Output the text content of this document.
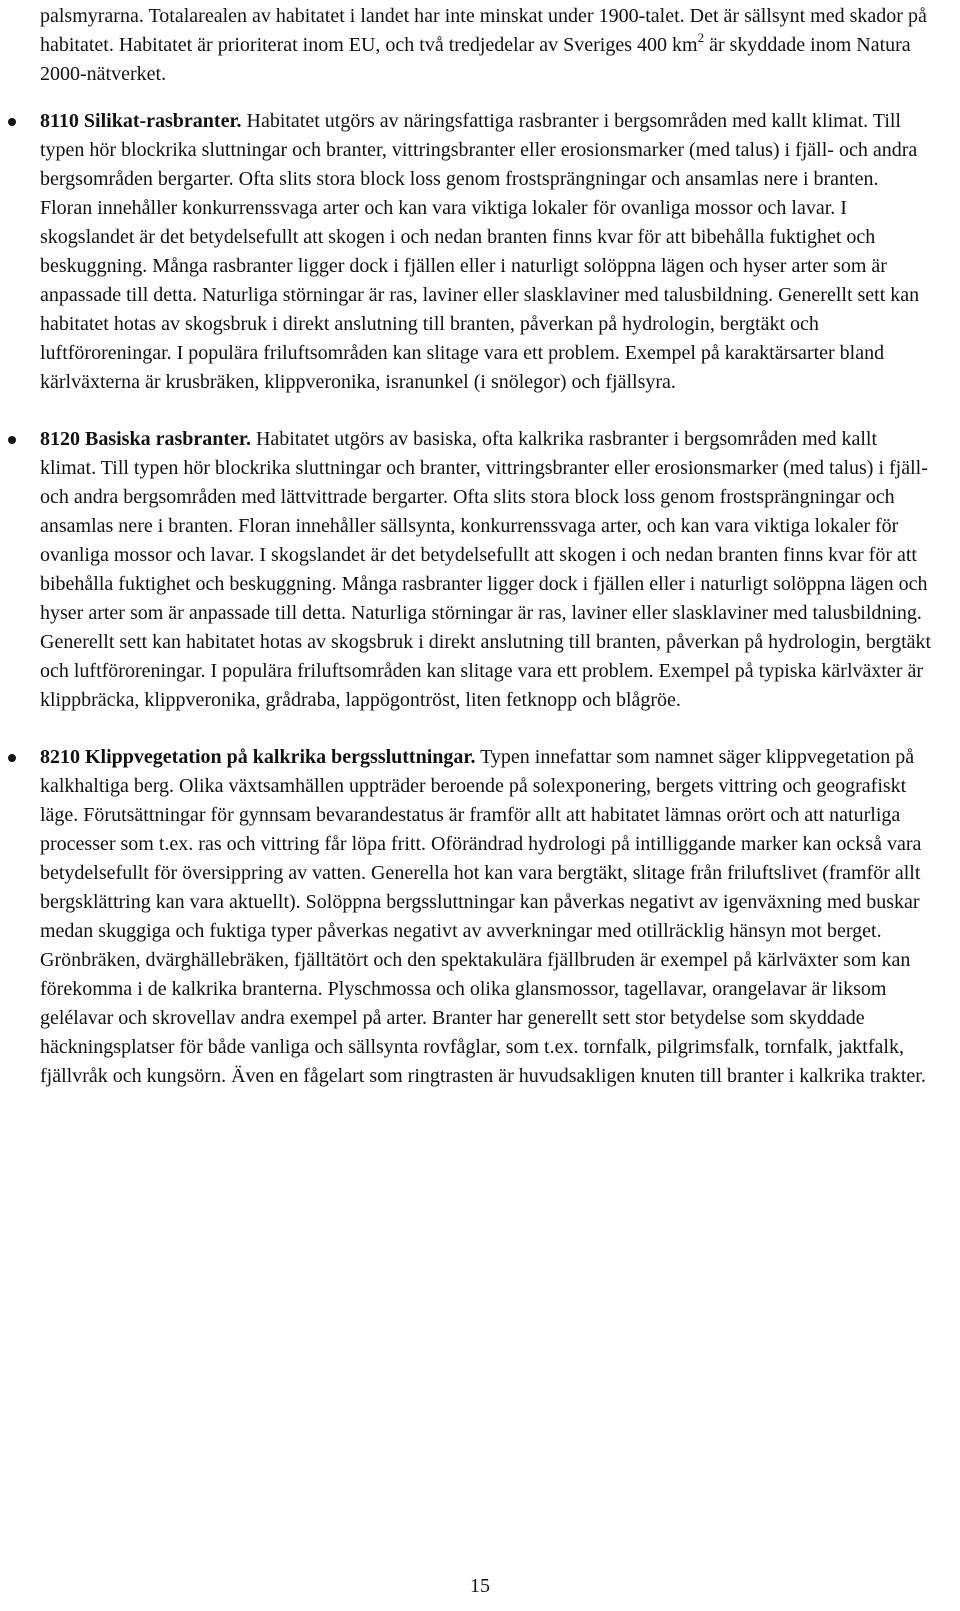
palsmyrarna. Totalarealen av habitatet i landet har inte minskat under 1900-talet. Det är sällsynt med skador på habitatet. Habitatet är prioriterat inom EU, och två tredjedelar av Sveriges 400 $km^2$ är skyddade inom Natura 2000-nätverket.

8110 Silikat-rasbranter. Habitatet utgörs av näringsfattiga rasbranter i bergsområden med kallt klimat. Till typen hör blockrika sluttningar och branter, vittringsbranter eller erosionsmarker (med talus) i fjäll- och andra bergsområden bergarter. Ofta slits stora block loss genom frostsprängningar och ansamlas nere i branten. Floran innehåller konkurrenssvaga arter och kan vara viktiga lokaler för ovanliga mossor och lavar. I skogslandet är det betydelsefullt att skogen i och nedan branten finns kvar för att bibehålla fuktighet och beskuggning. Många rasbranter ligger dock i fjällen eller i naturligt solöppna lägen och hyser arter som är anpassade till detta. Naturliga störningar är ras, laviner eller slasklaviner med talusbildning. Generellt sett kan habitatet hotas av skogsbruk i direkt anslutning till branten, påverkan på hydrologin, bergtäkt och luftföroreningar. I populära friluftsområden kan slitage vara ett problem. Exempel på karaktärsarter bland kärlväxterna är krusbräken, klippveronika, isranunkel (i snölegor) och fjällsyra.
8120 Basiska rasbranter. Habitatet utgörs av basiska, ofta kalkrika rasbranter i bergsområden med kallt klimat. Till typen hör blockrika sluttningar och branter, vittringsbranter eller erosionsmarker (med talus) i fjäll- och andra bergsområden med lättvittrade bergarter. Ofta slits stora block loss genom frostsprängningar och ansamlas nere i branten. Floran innehåller sällsynta, konkurrenssvaga arter, och kan vara viktiga lokaler för ovanliga mossor och lavar. I skogslandet är det betydelsefullt att skogen i och nedan branten finns kvar för att bibehålla fuktighet och beskuggning. Många rasbranter ligger dock i fjällen eller i naturligt solöppna lägen och hyser arter som är anpassade till detta. Naturliga störningar är ras, laviner eller slasklaviner med talusbildning. Generellt sett kan habitatet hotas av skogsbruk i direkt anslutning till branten, påverkan på hydrologin, bergtäkt och luftföroreningar. I populära friluftsområden kan slitage vara ett problem. Exempel på typiska kärlväxter är klippbräcka, klippveronika, grådraba, lappögontröst, liten fetknopp och blågröe.
8210 Klippvegetation på kalkrika bergssluttningar. Typen innefattar som namnet säger klippvegetation på kalkhaltiga berg. Olika växtsamhällen uppträder beroende på solexponering, bergets vittring och geografiskt läge. Förutsättningar för gynnsam bevarandestatus är framför allt att habitatet lämnas orört och att naturliga processer som t.ex. ras och vittring får löpa fritt. Oförändrad hydrologi på intilliggande marker kan också vara betydelsefullt för översippring av vatten. Generella hot kan vara bergtäkt, slitage från friluftslivet (framför allt bergsklättring kan vara aktuellt). Solöppna bergssluttningar kan påverkas negativt av igenväxning med buskar medan skuggiga och fuktiga typer påverkas negativt av avverkningar med otillräcklig hänsyn mot berget. Grönbräken, dvärghällebräken, fjälltätört och den spektakulära fjällbruden är exempel på kärlväxter som kan förekomma i de kalkrika branterna. Plyschmossa och olika glansmossor, tagellavar, orangelavar är liksom gelélavar och skrovellav andra exempel på arter. Branter har generellt sett stor betydelse som skyddade häckningsplatser för både vanliga och sällsynta rovfåglar, som t.ex. tornfalk, pilgrimsfalk, tornfalk, jaktfalk, fjällvråk och kungsörn. Även en fågelart som ringtrasten är huvudsakligen knuten till branter i kalkrika trakter.
15
